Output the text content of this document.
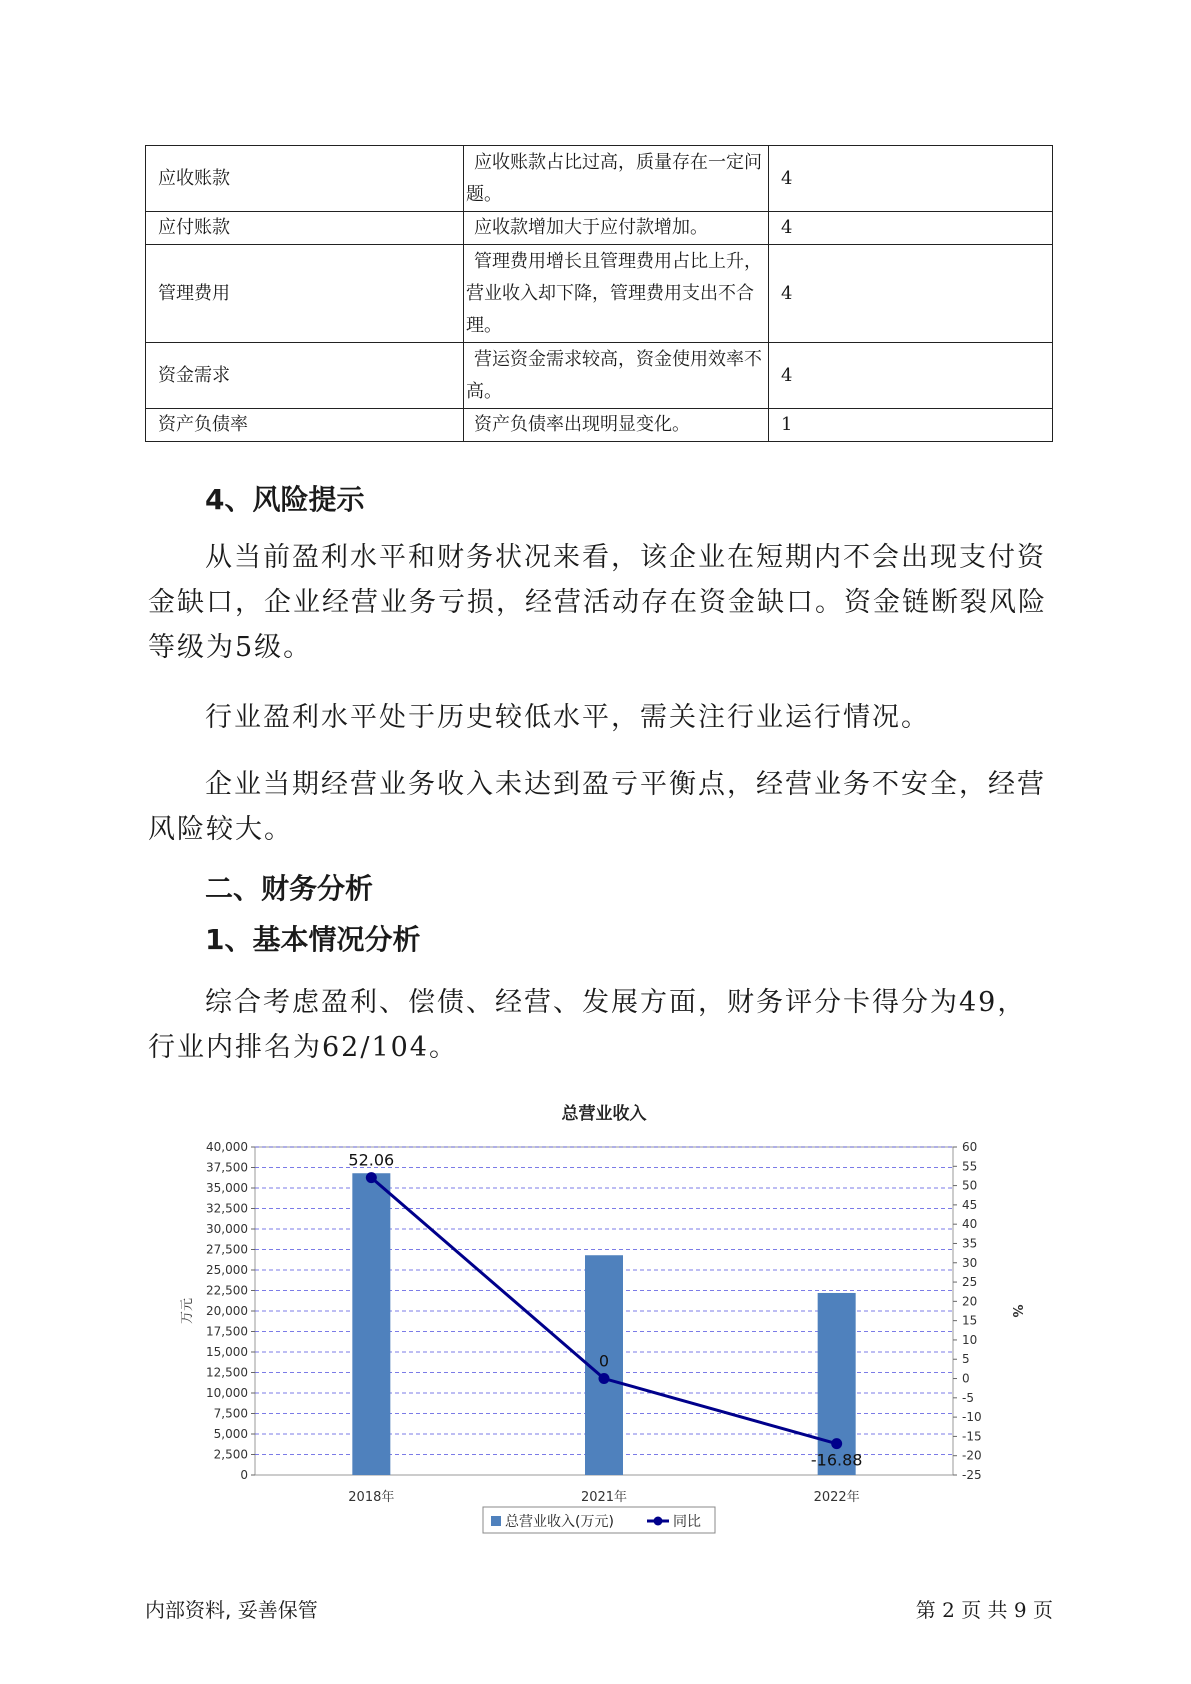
应收账款	应收账款占比过高，质量存在一定问题。	4
应付账款	应收款增加大于应付款增加。	4
管理费用	管理费用增长且管理费用占比上升，营业收入却下降，管理费用支出不合理。	4
资金需求	营运资金需求较高，资金使用效率不高。	4
资产负债率	资产负债率出现明显变化。	1
4、风险提示

从当前盈利水平和财务状况来看，该企业在短期内不会出现支付资金缺口，企业经营业务亏损，经营活动存在资金缺口。资金链断裂风险等级为5级。

行业盈利水平处于历史较低水平，需关注行业运行情况。

企业当期经营业务收入未达到盈亏平衡点，经营业务不安全，经营风险较大。

二、财务分析
1、基本情况分析

综合考虑盈利、偿债、经营、发展方面，财务评分卡得分为49，行业内排名为62/104。

总营业收入
0
2,500
5,000
7,500
10,000
12,500
15,000
17,500
20,000
22,500
25,000
27,500
30,000
32,500
35,000
37,500
40,000
-25
-20
-15
-10
-5
0
5
10
15
20
25
30
35
40
45
50
55
60
万元	%
2018年	2021年	2022年
52.06
0
-16.88
总营业收入(万元)	同比
内部资料, 妥善保管	第 2 页 共 9 页
